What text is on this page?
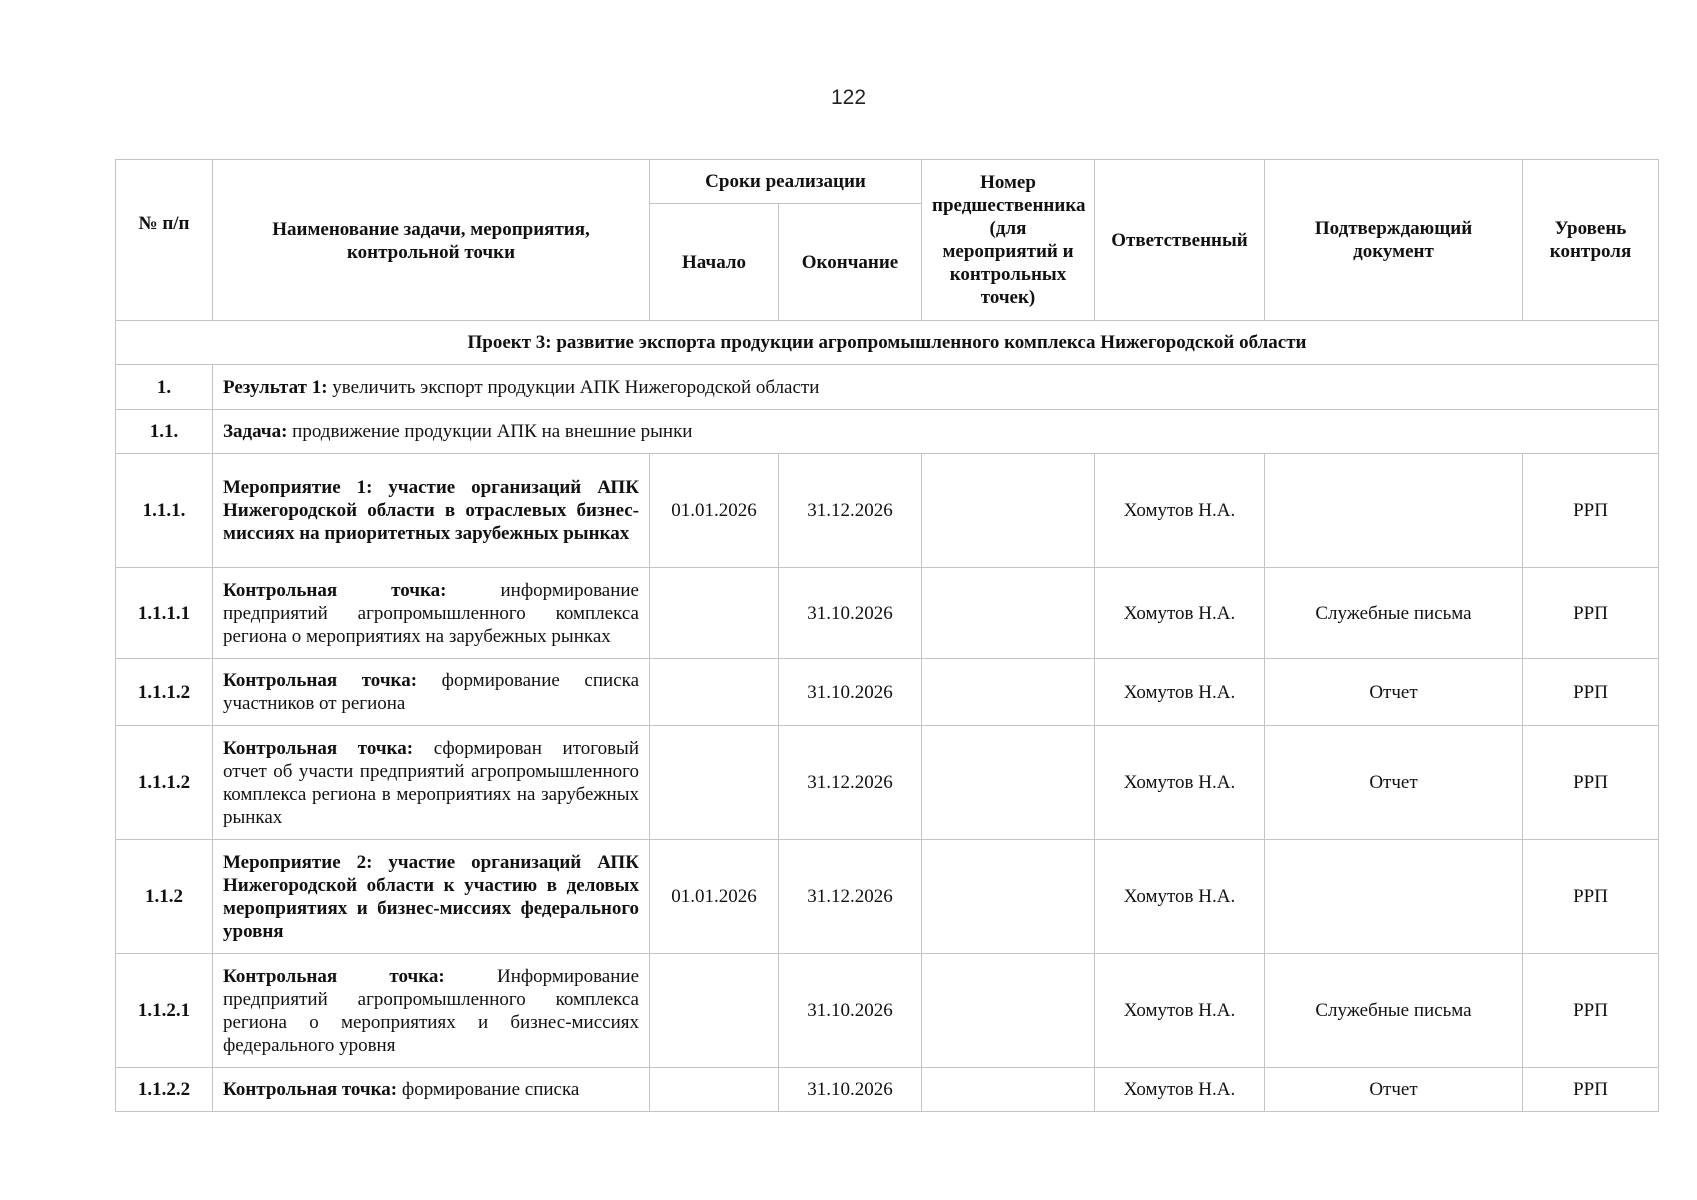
122
№ п/п	Наименование задачи, мероприятия, контрольной точки	Сроки реализации		Номер предшественника (для мероприятий и контрольных точек)	Ответственный	Подтверждающий документ	Уровень контроля
		Начало	Окончание				
Проект 3: развитие экспорта продукции агропромышленного комплекса Нижегородской области							
1.	Результат 1: увеличить экспорт продукции АПК Нижегородской области						
1.1.	Задача: продвижение продукции АПК на внешние рынки						
1.1.1.	Мероприятие 1: участие организаций АПК Нижегородской области в отраслевых бизнес-миссиях на приоритетных зарубежных рынках	01.01.2026	31.12.2026		Хомутов Н.А.		РРП
1.1.1.1	Контрольная точка: информирование предприятий агропромышленного комплекса региона о мероприятиях на зарубежных рынках		31.10.2026		Хомутов Н.А.	Служебные письма	РРП
1.1.1.2	Контрольная точка: формирование списка участников от региона		31.10.2026		Хомутов Н.А.	Отчет	РРП
1.1.1.2	Контрольная точка: сформирован итоговый отчет об участи предприятий агропромышленного комплекса региона в мероприятиях на зарубежных рынках		31.12.2026		Хомутов Н.А.	Отчет	РРП
1.1.2	Мероприятие 2: участие организаций АПК Нижегородской области к участию в деловых мероприятиях и бизнес-миссиях федерального уровня	01.01.2026	31.12.2026		Хомутов Н.А.		РРП
1.1.2.1	Контрольная точка: Информирование предприятий агропромышленного комплекса региона о мероприятиях и бизнес-миссиях федерального уровня		31.10.2026		Хомутов Н.А.	Служебные письма	РРП
1.1.2.2	Контрольная точка: формирование списка		31.10.2026		Хомутов Н.А.	Отчет	РРП
